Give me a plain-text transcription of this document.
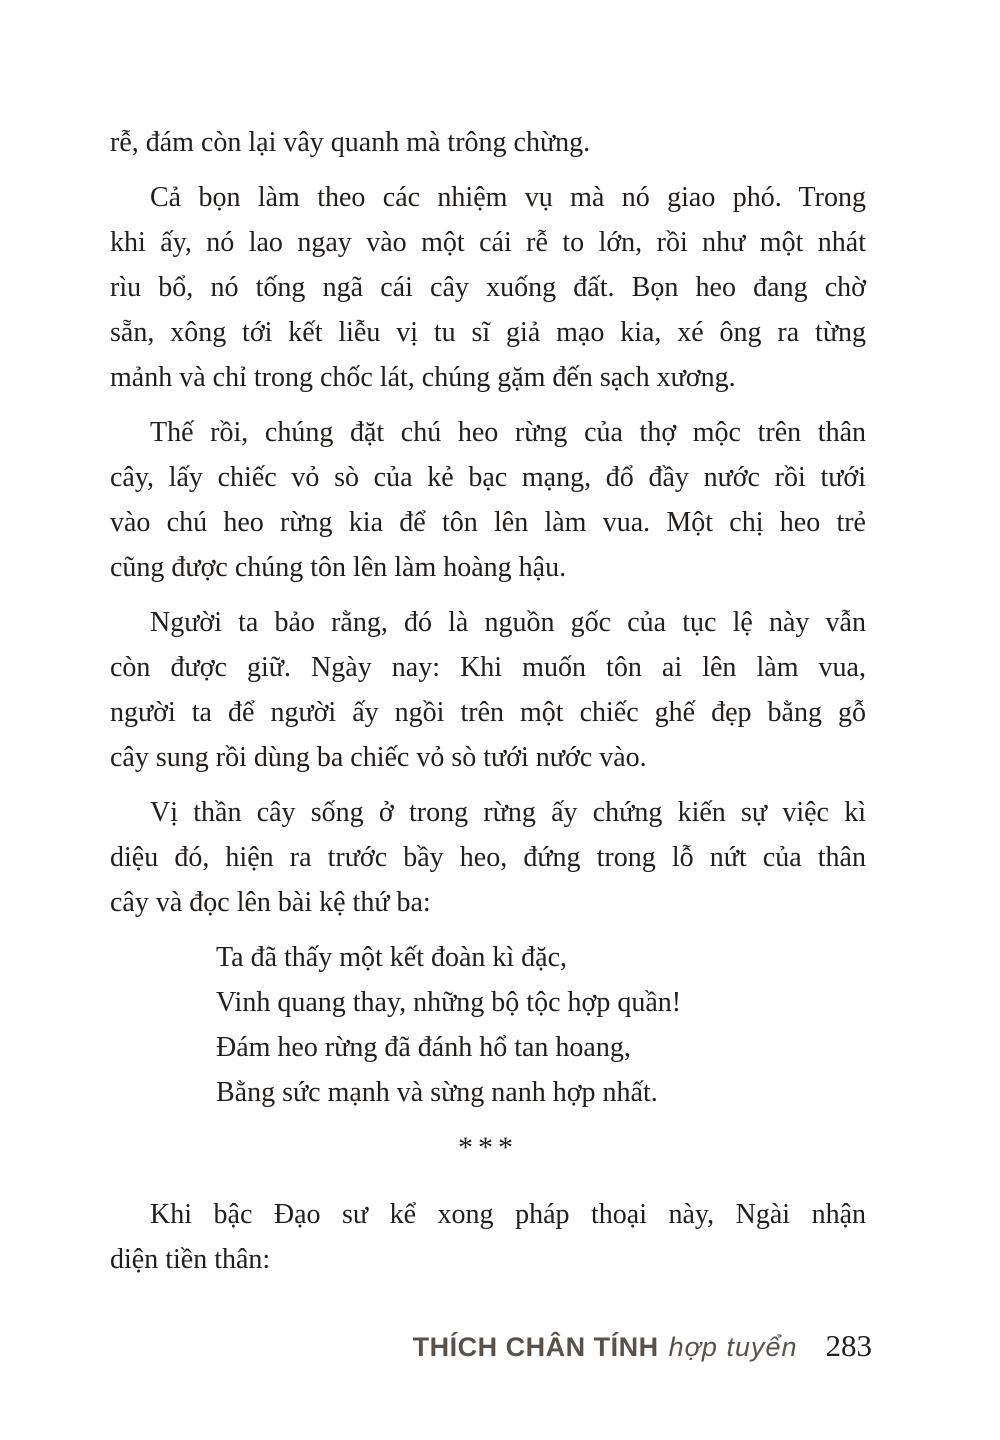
rễ, đám còn lại vây quanh mà trông chừng.
Cả bọn làm theo các nhiệm vụ mà nó giao phó. Trong
khi ấy, nó lao ngay vào một cái rễ to lớn, rồi như một nhát
rìu bổ, nó tống ngã cái cây xuống đất. Bọn heo đang chờ
sẵn, xông tới kết liễu vị tu sĩ giả mạo kia, xé ông ra từng
mảnh và chỉ trong chốc lát, chúng gặm đến sạch xương.
Thế rồi, chúng đặt chú heo rừng của thợ mộc trên thân
cây, lấy chiếc vỏ sò của kẻ bạc mạng, đổ đầy nước rồi tưới
vào chú heo rừng kia để tôn lên làm vua. Một chị heo trẻ
cũng được chúng tôn lên làm hoàng hậu.
Người ta bảo rằng, đó là nguồn gốc của tục lệ này vẫn
còn được giữ. Ngày nay: Khi muốn tôn ai lên làm vua,
người ta để người ấy ngồi trên một chiếc ghế đẹp bằng gỗ
cây sung rồi dùng ba chiếc vỏ sò tưới nước vào.
Vị thần cây sống ở trong rừng ấy chứng kiến sự việc kì
diệu đó, hiện ra trước bầy heo, đứng trong lỗ nứt của thân
cây và đọc lên bài kệ thứ ba:
Ta đã thấy một kết đoàn kì đặc,
Vinh quang thay, những bộ tộc hợp quần!
Đám heo rừng đã đánh hổ tan hoang,
Bằng sức mạnh và sừng nanh hợp nhất.
***
Khi bậc Đạo sư kể xong pháp thoại này, Ngài nhận
diện tiền thân:
THÍCH CHÂN TÍNH hợp tuyển 283
